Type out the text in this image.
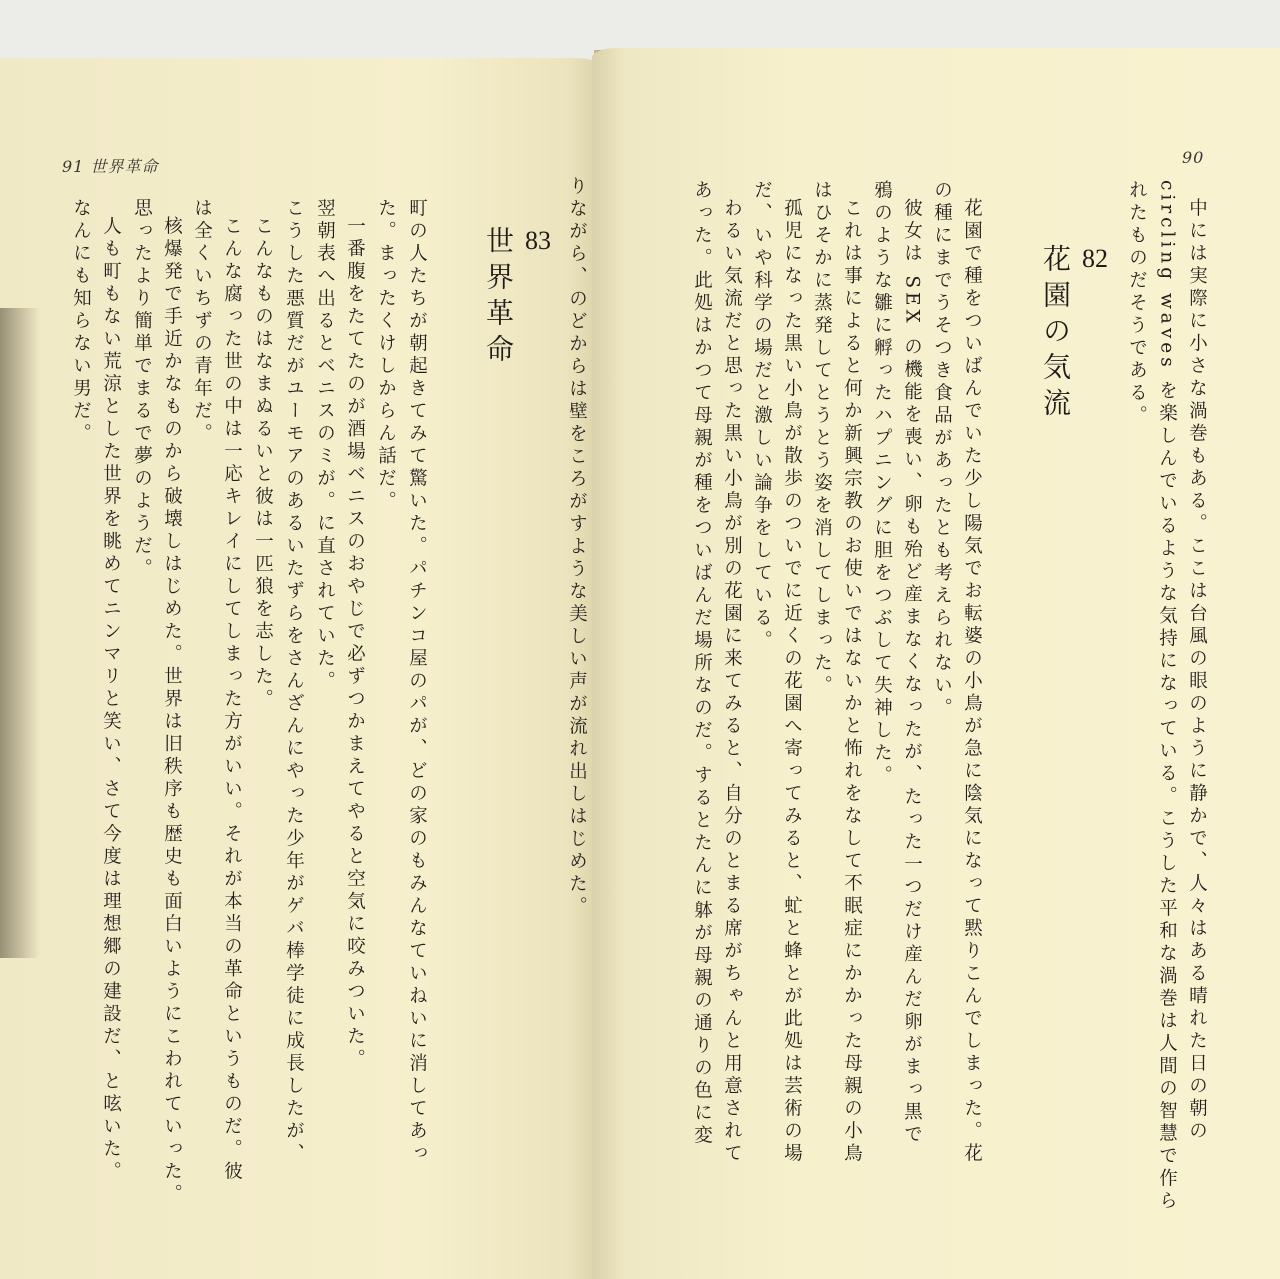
91 世界革命
りながら、のどからは壁をころがすような美しい声が流れ出しはじめた。
83
世界革命
町の人たちが朝起きてみて驚いた。パチンコ屋のパが、どの家のもみんなていねいに消してあっ
た。まったくけしからん話だ。
一番腹をたてたのが酒場ベニスのおやじで必ずつかまえてやると空気に咬みついた。
翌朝表へ出るとベニスのミが。に直されていた。
こうした悪質だがユーモアのあるいたずらをさんざんにやった少年がゲバ棒学徒に成長したが、
こんなものはなまぬるいと彼は一匹狼を志した。
こんな腐った世の中は一応キレイにしてしまった方がいい。それが本当の革命というものだ。彼
は全くいちずの青年だ。
核爆発で手近かなものから破壊しはじめた。世界は旧秩序も歴史も面白いようにこわれていった。
思ったより簡単でまるで夢のようだ。
人も町もない荒涼とした世界を眺めてニンマリと笑い、さて今度は理想郷の建設だ、と呟いた。
なんにも知らない男だ。
90
中には実際に小さな渦巻もある。ここは台風の眼のように静かで、人々はある晴れた日の朝の
circling waves を楽しんでいるような気持になっている。こうした平和な渦巻は人間の智慧で作ら
れたものだそうである。
82
花園の気流
花園で種をついばんでいた少し陽気でお転婆の小鳥が急に陰気になって黙りこんでしまった。花
の種にまでうそつき食品があったとも考えられない。
彼女は SEX の機能を喪い、卵も殆ど産まなくなったが、たった一つだけ産んだ卵がまっ黒で
鴉のような雛に孵ったハプニングに胆をつぶして失神した。
これは事によると何か新興宗教のお使いではないかと怖れをなして不眠症にかかった母親の小鳥
はひそかに蒸発してとうとう姿を消してしまった。
孤児になった黒い小鳥が散歩のついでに近くの花園へ寄ってみると、虻と蜂とが此処は芸術の場
だ、いや科学の場だと激しい論争をしている。
わるい気流だと思った黒い小鳥が別の花園に来てみると、自分のとまる席がちゃんと用意されて
あった。此処はかつて母親が種をついばんだ場所なのだ。するとたんに躰が母親の通りの色に変
